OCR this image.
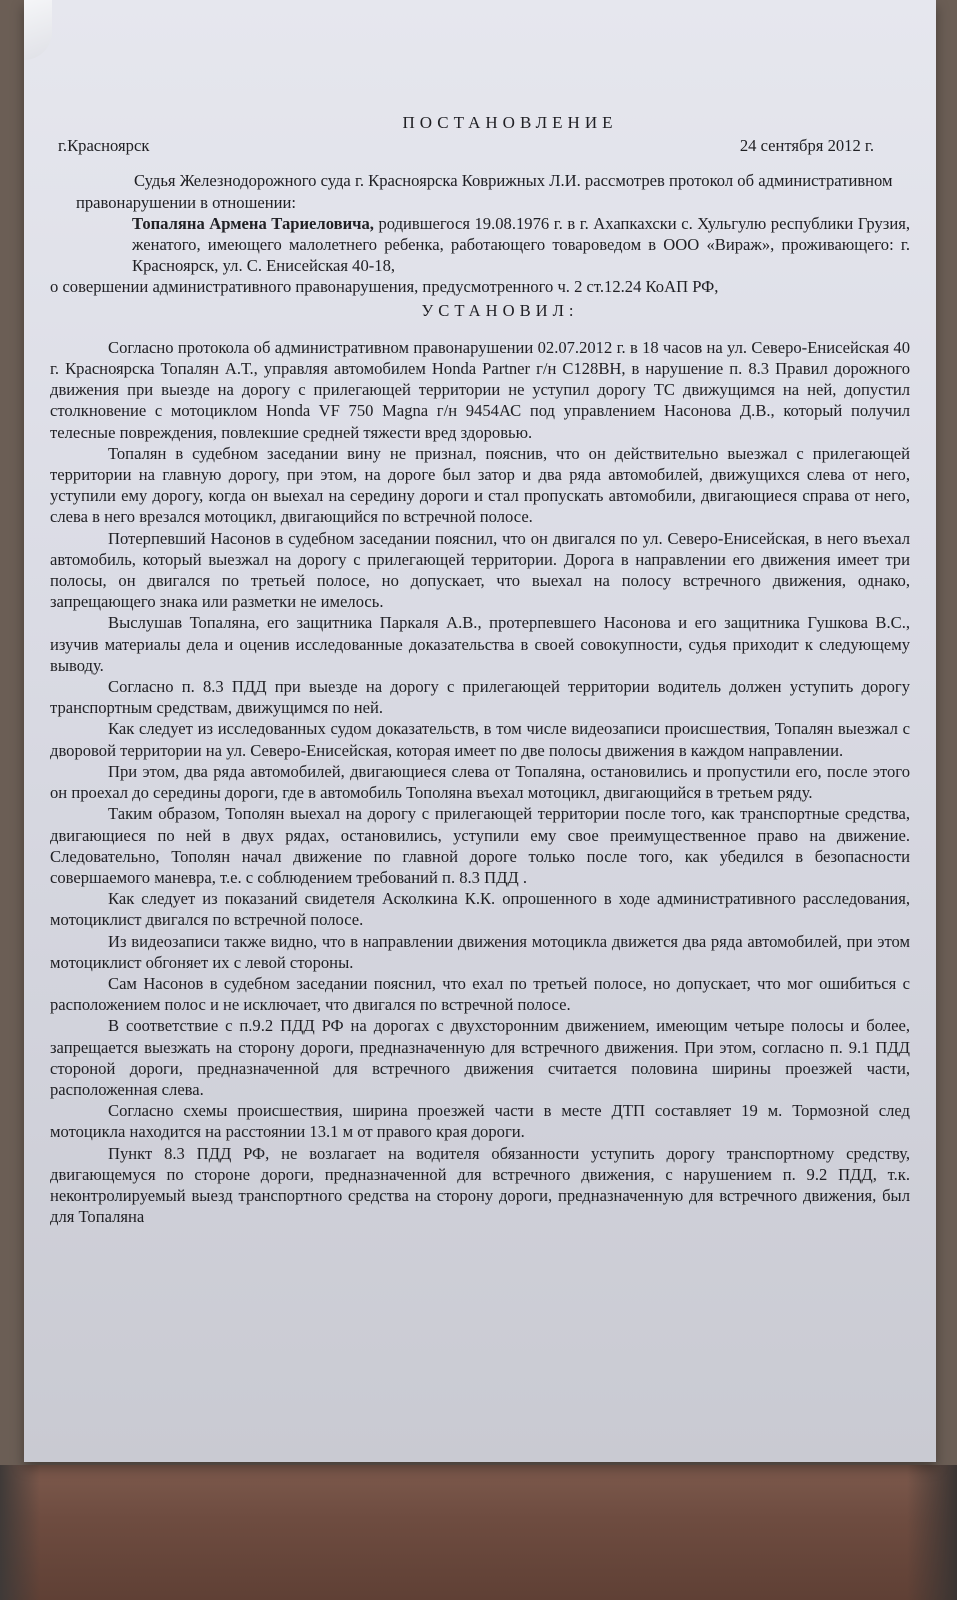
ПОСТАНОВЛЕНИЕ
г.Красноярск	24 сентября 2012 г.

Судья Железнодорожного суда г. Красноярска Коврижных Л.И. рассмотрев протокол об административном правонарушении в отношении:

Топаляна Армена Тариеловича, родившегося 19.08.1976 г. в г. Ахапкахски с. Хульгулю республики Грузия, женатого, имеющего малолетнего ребенка, работающего товароведом в ООО «Вираж», проживающего: г. Красноярск, ул. С. Енисейская 40-18,

о совершении административного правонарушения, предусмотренного ч. 2 ст.12.24 КоАП РФ,

УСТАНОВИЛ:

Согласно протокола об административном правонарушении 02.07.2012 г. в 18 часов на ул. Северо-Енисейская 40 г. Красноярска Топалян А.Т., управляя автомобилем Honda Partner г/н С128ВН, в нарушение п. 8.3 Правил дорожного движения при выезде на дорогу с прилегающей территории не уступил дорогу ТС движущимся на ней, допустил столкновение с мотоциклом Honda VF 750 Magna г/н 9454АС под управлением Насонова Д.В., который получил телесные повреждения, повлекшие средней тяжести вред здоровью.

Топалян в судебном заседании вину не признал, пояснив, что он действительно выезжал с прилегающей территории на главную дорогу, при этом, на дороге был затор и два ряда автомобилей, движущихся слева от него, уступили ему дорогу, когда он выехал на середину дороги и стал пропускать автомобили, двигающиеся справа от него, слева в него врезался мотоцикл, двигающийся по встречной полосе.

Потерпевший Насонов в судебном заседании пояснил, что он двигался по ул. Северо-Енисейская, в него въехал автомобиль, который выезжал на дорогу с прилегающей территории. Дорога в направлении его движения имеет три полосы, он двигался по третьей полосе, но допускает, что выехал на полосу встречного движения, однако, запрещающего знака или разметки не имелось.

Выслушав Топаляна, его защитника Паркаля А.В., протерпевшего Насонова и его защитника Гушкова В.С., изучив материалы дела и оценив исследованные доказательства в своей совокупности, судья приходит к следующему выводу.

Согласно п. 8.3 ПДД при выезде на дорогу с прилегающей территории водитель должен уступить дорогу транспортным средствам, движущимся по ней.

Как следует из исследованных судом доказательств, в том числе видеозаписи происшествия, Топалян выезжал с дворовой территории на ул. Северо-Енисейская, которая имеет по две полосы движения в каждом направлении.

При этом, два ряда автомобилей, двигающиеся слева от Топаляна, остановились и пропустили его, после этого он проехал до середины дороги, где в автомобиль Тополяна въехал мотоцикл, двигающийся в третьем ряду.

Таким образом, Тополян выехал на дорогу с прилегающей территории после того, как транспортные средства, двигающиеся по ней в двух рядах, остановились, уступили ему свое преимущественное право на движение. Следовательно, Тополян начал движение по главной дороге только после того, как убедился в безопасности совершаемого маневра, т.е. с соблюдением требований п. 8.3 ПДД .

Как следует из показаний свидетеля Асколкина К.К. опрошенного в ходе административного расследования, мотоциклист двигался по встречной полосе.

Из видеозаписи также видно, что в направлении движения мотоцикла движется два ряда автомобилей, при этом мотоциклист обгоняет их с левой стороны.

Сам Насонов в судебном заседании пояснил, что ехал по третьей полосе, но допускает, что мог ошибиться с расположением полос и не исключает, что двигался по встречной полосе.

В соответствие с п.9.2 ПДД РФ на дорогах с двухсторонним движением, имеющим четыре полосы и более, запрещается выезжать на сторону дороги, предназначенную для встречного движения. При этом, согласно п. 9.1 ПДД стороной дороги, предназначенной для встречного движения считается половина ширины проезжей части, расположенная слева.

Согласно схемы происшествия, ширина проезжей части в месте ДТП составляет 19 м. Тормозной след мотоцикла находится на расстоянии 13.1 м от правого края дороги.

Пункт 8.3 ПДД РФ, не возлагает на водителя обязанности уступить дорогу транспортному средству, двигающемуся по стороне дороги, предназначенной для встречного движения, с нарушением п. 9.2 ПДД, т.к. неконтролируемый выезд транспортного средства на сторону дороги, предназначенную для встречного движения, был для Топаляна
